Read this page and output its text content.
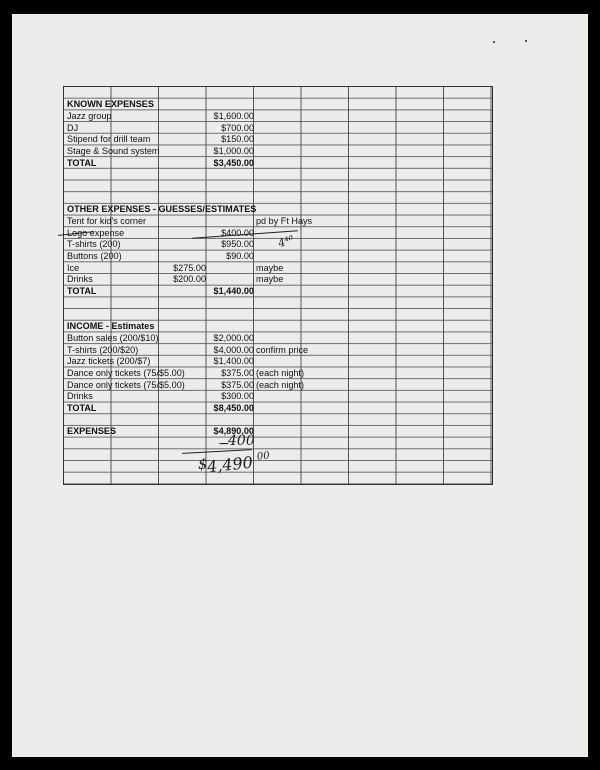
KNOWN EXPENSES
Jazz group	$1,600.00
DJ	$700.00
Stipend for drill team	$150.00
Stage & Sound system	$1,000.00
TOTAL	$3,450.00
OTHER EXPENSES - GUESSES/ESTIMATES
Tent for kid's corner	pd by Ft Hays
Logo expense	$400.00
T-shirts (200)	$950.00
Buttons (200)	$90.00
Ice	$275.00	maybe
Drinks	$200.00	maybe
TOTAL	$1,440.00
INCOME - Estimates
Button sales (200/$10)	$2,000.00
T-shirts (200/$20)	$4,000.00 confirm price
Jazz tickets (200/$7)	$1,400.00
Dance only tickets (75/$5.00)	$375.00 (each night)
Dance only tickets (75/$5.00)	$375.00 (each night)
Drinks	$300.00
TOTAL	$8,450.00
EXPENSES	$4,890.00
4⁴⁰
−
400
$
4,490 00
